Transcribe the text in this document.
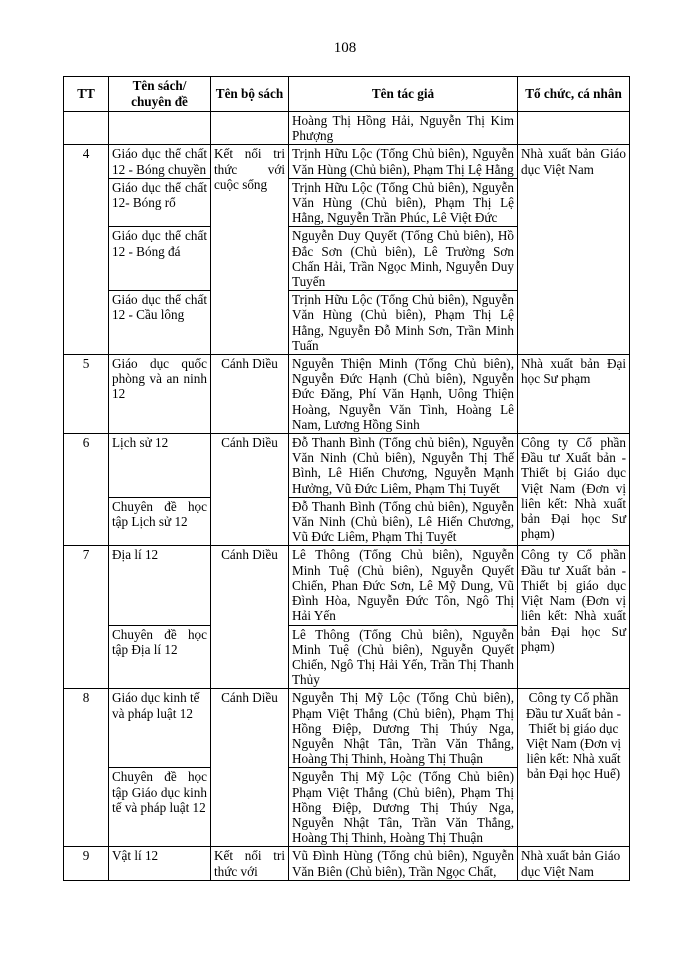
108
TT	Tên sách/ chuyên đề	Tên bộ sách	Tên tác giả	Tổ chức, cá nhân
			Hoàng Thị Hồng Hải, Nguyễn Thị Kim Phượng	
4	Giáo dục thể chất 12 - Bóng chuyền	Kết nối tri thức với cuộc sống	Trịnh Hữu Lộc (Tổng Chủ biên), Nguyễn Văn Hùng (Chủ biên), Phạm Thị Lệ Hằng	Nhà xuất bản Giáo dục Việt Nam
	Giáo dục thể chất 12- Bóng rổ		Trịnh Hữu Lộc (Tổng Chủ biên), Nguyễn Văn Hùng (Chủ biên), Phạm Thị Lệ Hằng, Nguyễn Trần Phúc, Lê Việt Đức	
	Giáo dục thể chất 12 - Bóng đá		Nguyễn Duy Quyết (Tổng Chủ biên), Hồ Đắc Sơn (Chủ biên), Lê Trường Sơn Chấn Hải, Trần Ngọc Minh, Nguyễn Duy Tuyến	
	Giáo dục thể chất 12 - Cầu lông		Trịnh Hữu Lộc (Tổng Chủ biên), Nguyễn Văn Hùng (Chủ biên), Phạm Thị Lệ Hằng, Nguyễn Đỗ Minh Sơn, Trần Minh Tuấn	
5	Giáo dục quốc phòng và an ninh 12	Cánh Diều	Nguyễn Thiện Minh (Tổng Chủ biên), Nguyễn Đức Hạnh (Chủ biên), Nguyễn Đức Đăng, Phí Văn Hạnh, Uông Thiện Hoàng, Nguyễn Văn Tình, Hoàng Lê Nam, Lương Hồng Sinh	Nhà xuất bản Đại học Sư phạm
6	Lịch sử 12	Cánh Diều	Đỗ Thanh Bình (Tổng chủ biên), Nguyễn Văn Ninh (Chủ biên), Nguyễn Thị Thế Bình, Lê Hiến Chương, Nguyễn Mạnh Hưởng, Vũ Đức Liêm, Phạm Thị Tuyết	Công ty Cổ phần Đầu tư Xuất bản - Thiết bị Giáo dục Việt Nam (Đơn vị liên kết: Nhà xuất bản Đại học Sư phạm)
	Chuyên đề học tập Lịch sử 12		Đỗ Thanh Bình (Tổng chủ biên), Nguyễn Văn Ninh (Chủ biên), Lê Hiến Chương, Vũ Đức Liêm, Phạm Thị Tuyết	
7	Địa lí 12	Cánh Diều	Lê Thông (Tổng Chủ biên), Nguyễn Minh Tuệ (Chủ biên), Nguyễn Quyết Chiến, Phan Đức Sơn, Lê Mỹ Dung, Vũ Đình Hòa, Nguyễn Đức Tôn, Ngô Thị Hải Yến	Công ty Cổ phần Đầu tư Xuất bản - Thiết bị giáo dục Việt Nam (Đơn vị liên kết: Nhà xuất bản Đại học Sư phạm)
	Chuyên đề học tập Địa lí 12		Lê Thông (Tổng Chủ biên), Nguyễn Minh Tuệ (Chủ biên), Nguyễn Quyết Chiến, Ngô Thị Hải Yến, Trần Thị Thanh Thủy	
8	Giáo dục kinh tế và pháp luật 12	Cánh Diều	Nguyễn Thị Mỹ Lộc (Tổng Chủ biên), Phạm Việt Thắng (Chủ biên), Phạm Thị Hồng Điệp, Dương Thị Thúy Nga, Nguyễn Nhật Tân, Trần Văn Thắng, Hoàng Thị Thinh, Hoàng Thị Thuận	Công ty Cổ phần Đầu tư Xuất bản - Thiết bị giáo dục Việt Nam (Đơn vị liên kết: Nhà xuất bản Đại học Huế)
	Chuyên đề học tập Giáo dục kinh tế và pháp luật 12		Nguyễn Thị Mỹ Lộc (Tổng Chủ biên) Phạm Việt Thắng (Chủ biên), Phạm Thị Hồng Điệp, Dương Thị Thúy Nga, Nguyễn Nhật Tân, Trần Văn Thắng, Hoàng Thị Thinh, Hoàng Thị Thuận	
9	Vật lí 12	Kết nối tri thức với	Vũ Đình Hùng (Tổng chủ biên), Nguyễn Văn Biên (Chủ biên), Trần Ngọc Chất,	Nhà xuất bản Giáo dục Việt Nam
